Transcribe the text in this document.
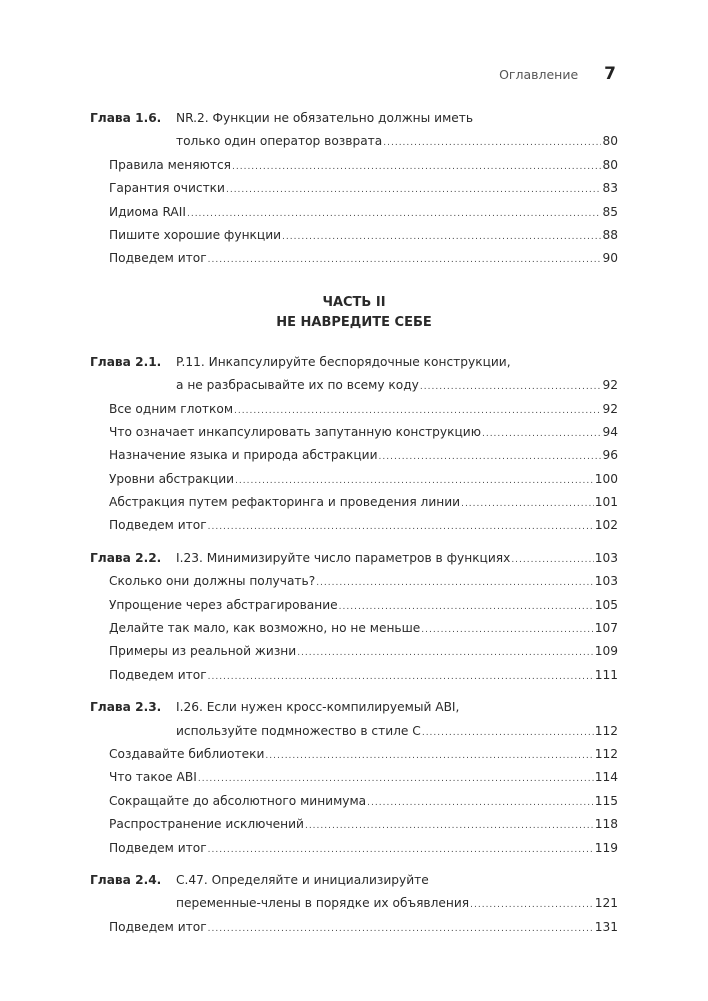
Оглавление 7
Глава 1.6.	NR.2. Функции не обязательно должны иметь
только один оператор возврата .....	80
Правила меняются .....	80
Гарантия очистки .....	83
Идиома RAII .....	85
Пишите хорошие функции .....	88
Подведем итог .....	90
ЧАСТЬ II
НЕ НАВРЕДИТЕ СЕБЕ
Глава 2.1.	P.11. Инкапсулируйте беспорядочные конструкции,
а не разбрасывайте их по всему коду .....	92
Все одним глотком .....	92
Что означает инкапсулировать запутанную конструкцию .....	94
Назначение языка и природа абстракции .....	96
Уровни абстракции .....	100
Абстракция путем рефакторинга и проведения линии .....	101
Подведем итог .....	102
Глава 2.2.	I.23. Минимизируйте число параметров в функциях .....	103
Сколько они должны получать? .....	103
Упрощение через абстрагирование .....	105
Делайте так мало, как возможно, но не меньше .....	107
Примеры из реальной жизни .....	109
Подведем итог .....	111
Глава 2.3.	I.26. Если нужен кросс-компилируемый ABI,
используйте подмножество в стиле C .....	112
Создавайте библиотеки .....	112
Что такое ABI .....	114
Сокращайте до абсолютного минимума .....	115
Распространение исключений .....	118
Подведем итог .....	119
Глава 2.4.	C.47. Определяйте и инициализируйте
переменные-члены в порядке их объявления .....	121
Подведем итог .....	131
